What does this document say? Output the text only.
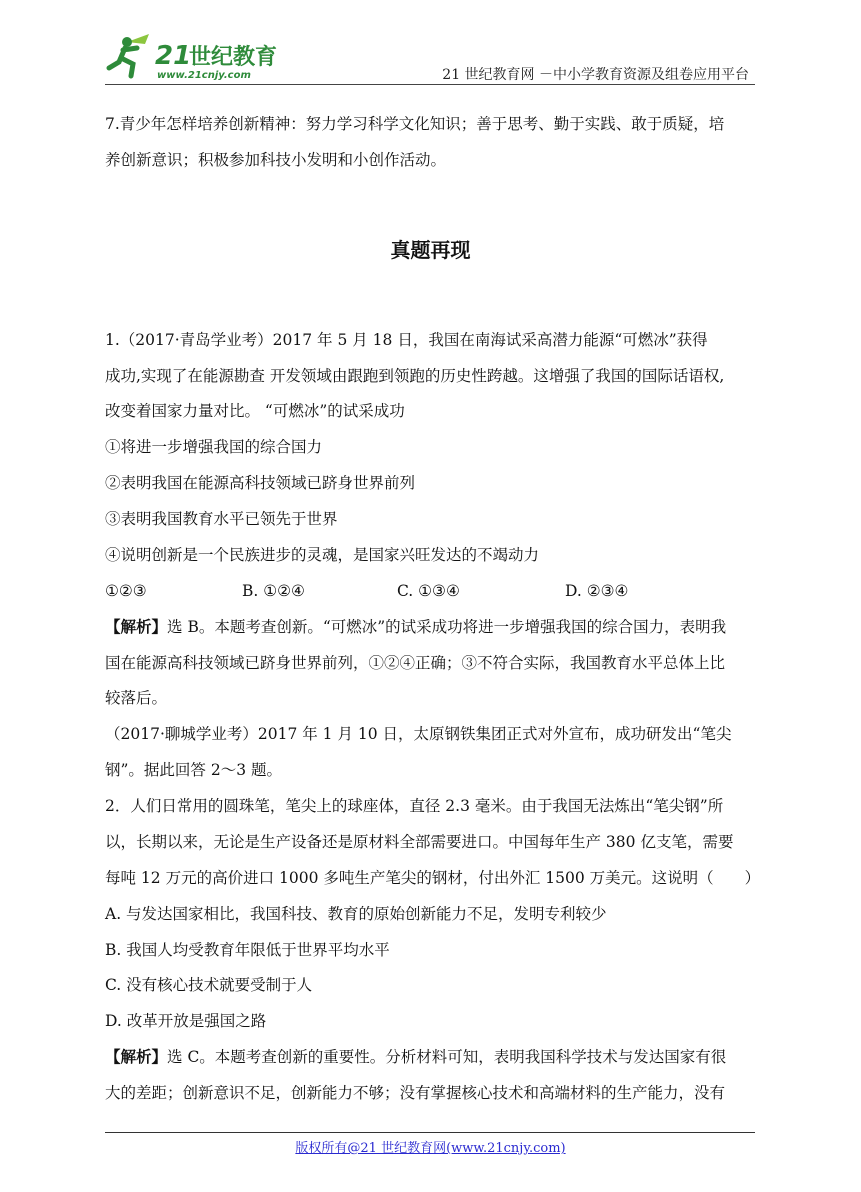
21
世纪教育
www.21cnjy.com	21 世纪教育网 －中小学教育资源及组卷应用平台

7.青少年怎样培养创新精神：努力学习科学文化知识；善于思考、勤于实践、敢于质疑，培

养创新意识；积极参加科技小发明和小创作活动。

真题再现

1.（2017·青岛学业考）2017 年 5 月 18 日，我国在南海试采高潜力能源“可燃冰”获得

成功,实现了在能源勘查 开发领域由跟跑到领跑的历史性跨越。这增强了我国的国际话语权,

改变着国家力量对比。 “可燃冰”的试采成功

①将进一步增强我国的综合国力

②表明我国在能源高科技领域已跻身世界前列

③表明我国教育水平已领先于世界

④说明创新是一个民族进步的灵魂，是国家兴旺发达的不竭动力

①②③	B. ①②④	C. ①③④	D. ②③④

【解析】选 B。本题考查创新。“可燃冰”的试采成功将进一步增强我国的综合国力，表明我

国在能源高科技领域已跻身世界前列，①②④正确；③不符合实际，我国教育水平总体上比

较落后。

（2017·聊城学业考）2017 年 1 月 10 日，太原钢铁集团正式对外宣布，成功研发出“笔尖

钢”。据此回答 2～3 题。

2．人们日常用的圆珠笔，笔尖上的球座体，直径 2.3 毫米。由于我国无法炼出“笔尖钢”所

以，长期以来，无论是生产设备还是原材料全部需要进口。中国每年生产 380 亿支笔，需要

每吨 12 万元的高价进口 1000 多吨生产笔尖的钢材，付出外汇 1500 万美元。这说明（　　）

A. 与发达国家相比，我国科技、教育的原始创新能力不足，发明专利较少

B. 我国人均受教育年限低于世界平均水平

C. 没有核心技术就要受制于人

D. 改革开放是强国之路

【解析】选 C。本题考查创新的重要性。分析材料可知，表明我国科学技术与发达国家有很

大的差距；创新意识不足，创新能力不够；没有掌握核心技术和高端材料的生产能力，没有

版权所有@21 世纪教育网(www.21cnjy.com)
